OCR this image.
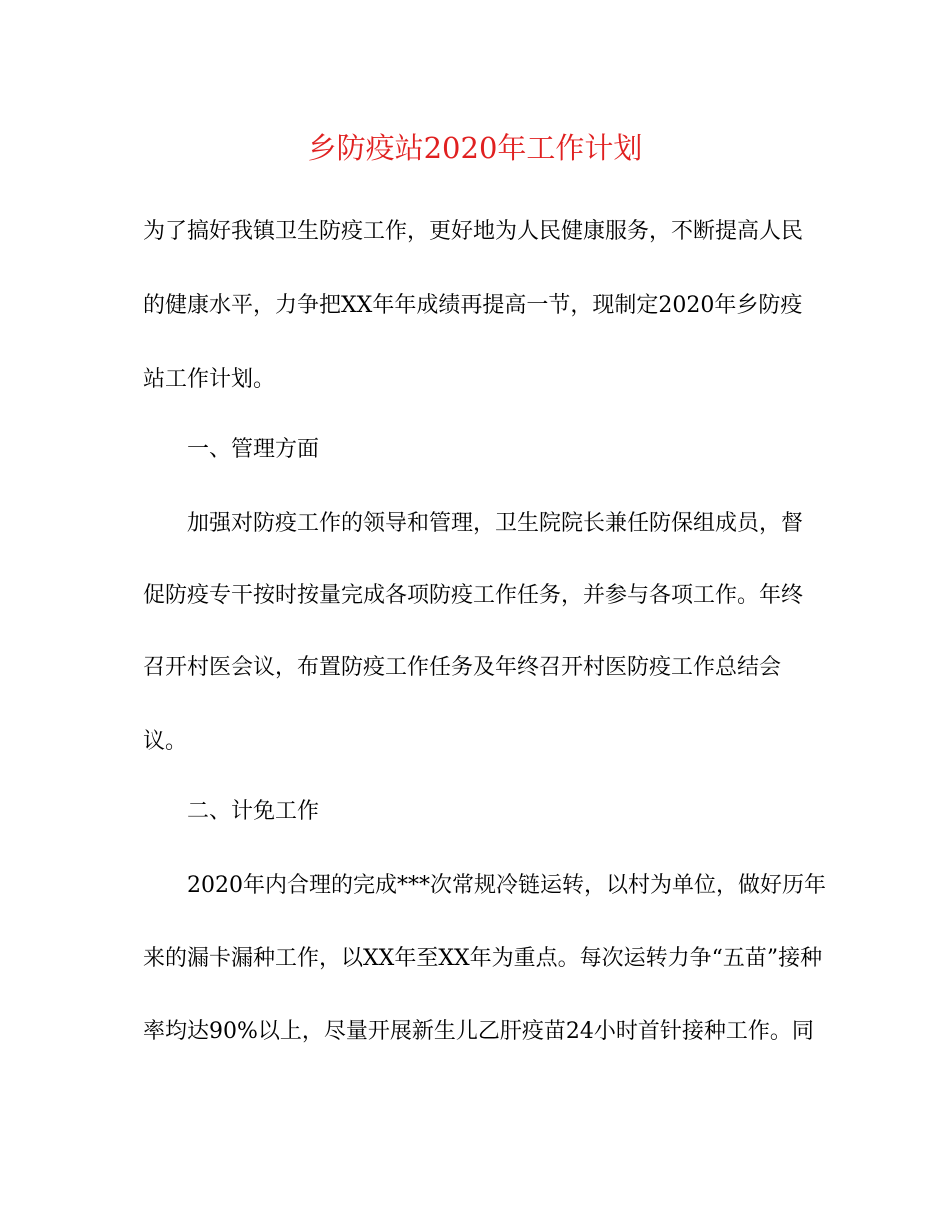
乡防疫站2020年工作计划

为了搞好我镇卫生防疫工作，更好地为人民健康服务，不断提高人民

的健康水平，力争把XX年年成绩再提高一节，现制定2020年乡防疫

站工作计划。

一、管理方面

加强对防疫工作的领导和管理，卫生院院长兼任防保组成员，督

促防疫专干按时按量完成各项防疫工作任务，并参与各项工作。年终

召开村医会议，布置防疫工作任务及年终召开村医防疫工作总结会

议。

二、计免工作

2020年内合理的完成***次常规冷链运转，以村为单位，做好历年

来的漏卡漏种工作，以XX年至XX年为重点。每次运转力争“五苗”接种

率均达90%以上，尽量开展新生儿乙肝疫苗24小时首针接种工作。同
